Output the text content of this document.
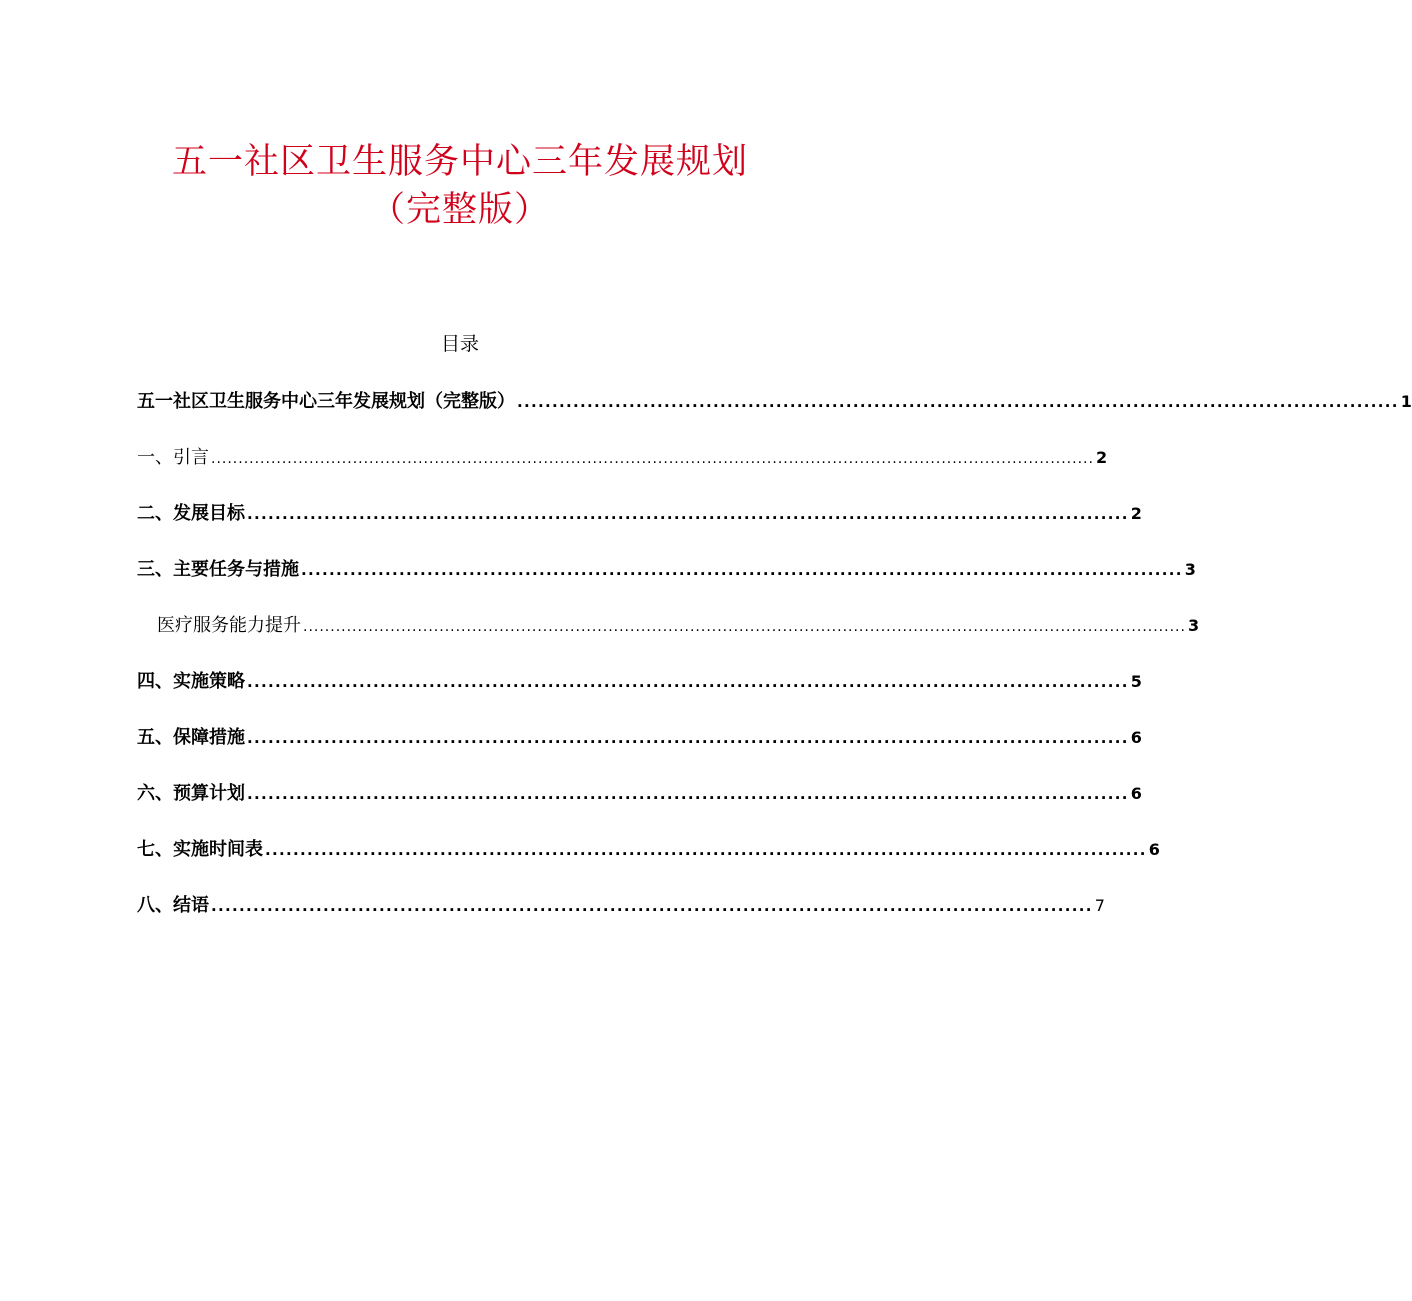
五一社区卫生服务中心三年发展规划
（完整版）
目录
五一社区卫生服务中心三年发展规划（完整版） .............................................................................................................................. 1
一、引言 .................................................................................................................................................................. 2
二、发展目标 .............................................................................................................................. 2
三、主要任务与措施 .............................................................................................................................. 3
医疗服务能力提升 .................................................................................................................................................................. 3
四、实施策略 .............................................................................................................................. 5
五、保障措施 .............................................................................................................................. 6
六、预算计划 .............................................................................................................................. 6
七、实施时间表 .............................................................................................................................. 6
八、结语 .............................................................................................................................. 7
